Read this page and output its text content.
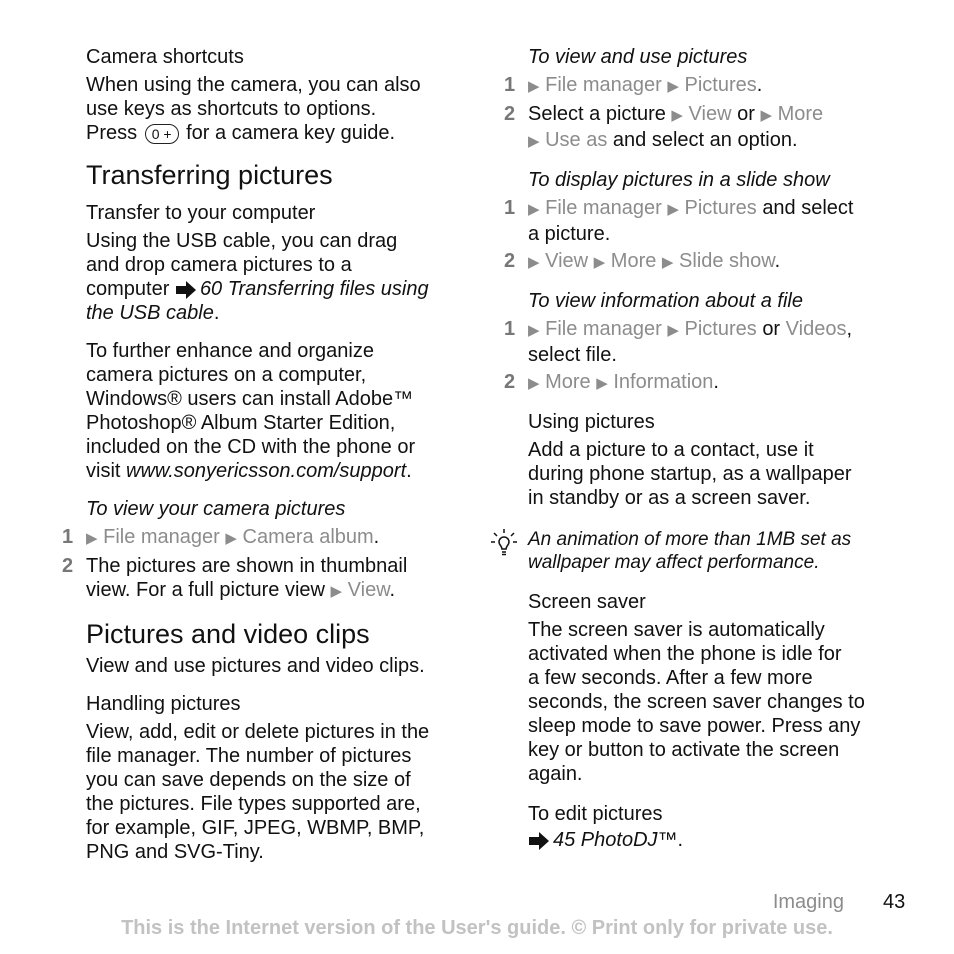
Camera shortcuts

When using the camera, you can also

use keys as shortcuts to options.

Press 0 + for a camera key guide.

Transferring pictures

Transfer to your computer

Using the USB cable, you can drag

and drop camera pictures to a

computer 60 Transferring files using

the USB cable.

To further enhance and organize

camera pictures on a computer,

Windows® users can install Adobe™

Photoshop® Album Starter Edition,

included on the CD with the phone or

visit www.sonyericsson.com/support.

To view your camera pictures

1 ▶ File manager ▶ Camera album.

2 The pictures are shown in thumbnail
view. For a full picture view ▶ View.

Pictures and video clips

View and use pictures and video clips.

Handling pictures

View, add, edit or delete pictures in the

file manager. The number of pictures

you can save depends on the size of

the pictures. File types supported are,

for example, GIF, JPEG, WBMP, BMP,

PNG and SVG-Tiny.

To view and use pictures

1 ▶ File manager ▶ Pictures.

2 Select a picture ▶ View or ▶ More
▶ Use as and select an option.

To display pictures in a slide show

1 ▶ File manager ▶ Pictures and select
a picture.

2 ▶ View ▶ More ▶ Slide show.

To view information about a file

1 ▶ File manager ▶ Pictures or Videos,
select file.

2 ▶ More ▶ Information.

Using pictures

Add a picture to a contact, use it

during phone startup, as a wallpaper

in standby or as a screen saver.

An animation of more than 1MB set as

wallpaper may affect performance.

Screen saver

The screen saver is automatically

activated when the phone is idle for

a few seconds. After a few more

seconds, the screen saver changes to

sleep mode to save power. Press any

key or button to activate the screen

again.

To edit pictures

45 PhotoDJ™.

Imaging 43
This is the Internet version of the User's guide. © Print only for private use.
